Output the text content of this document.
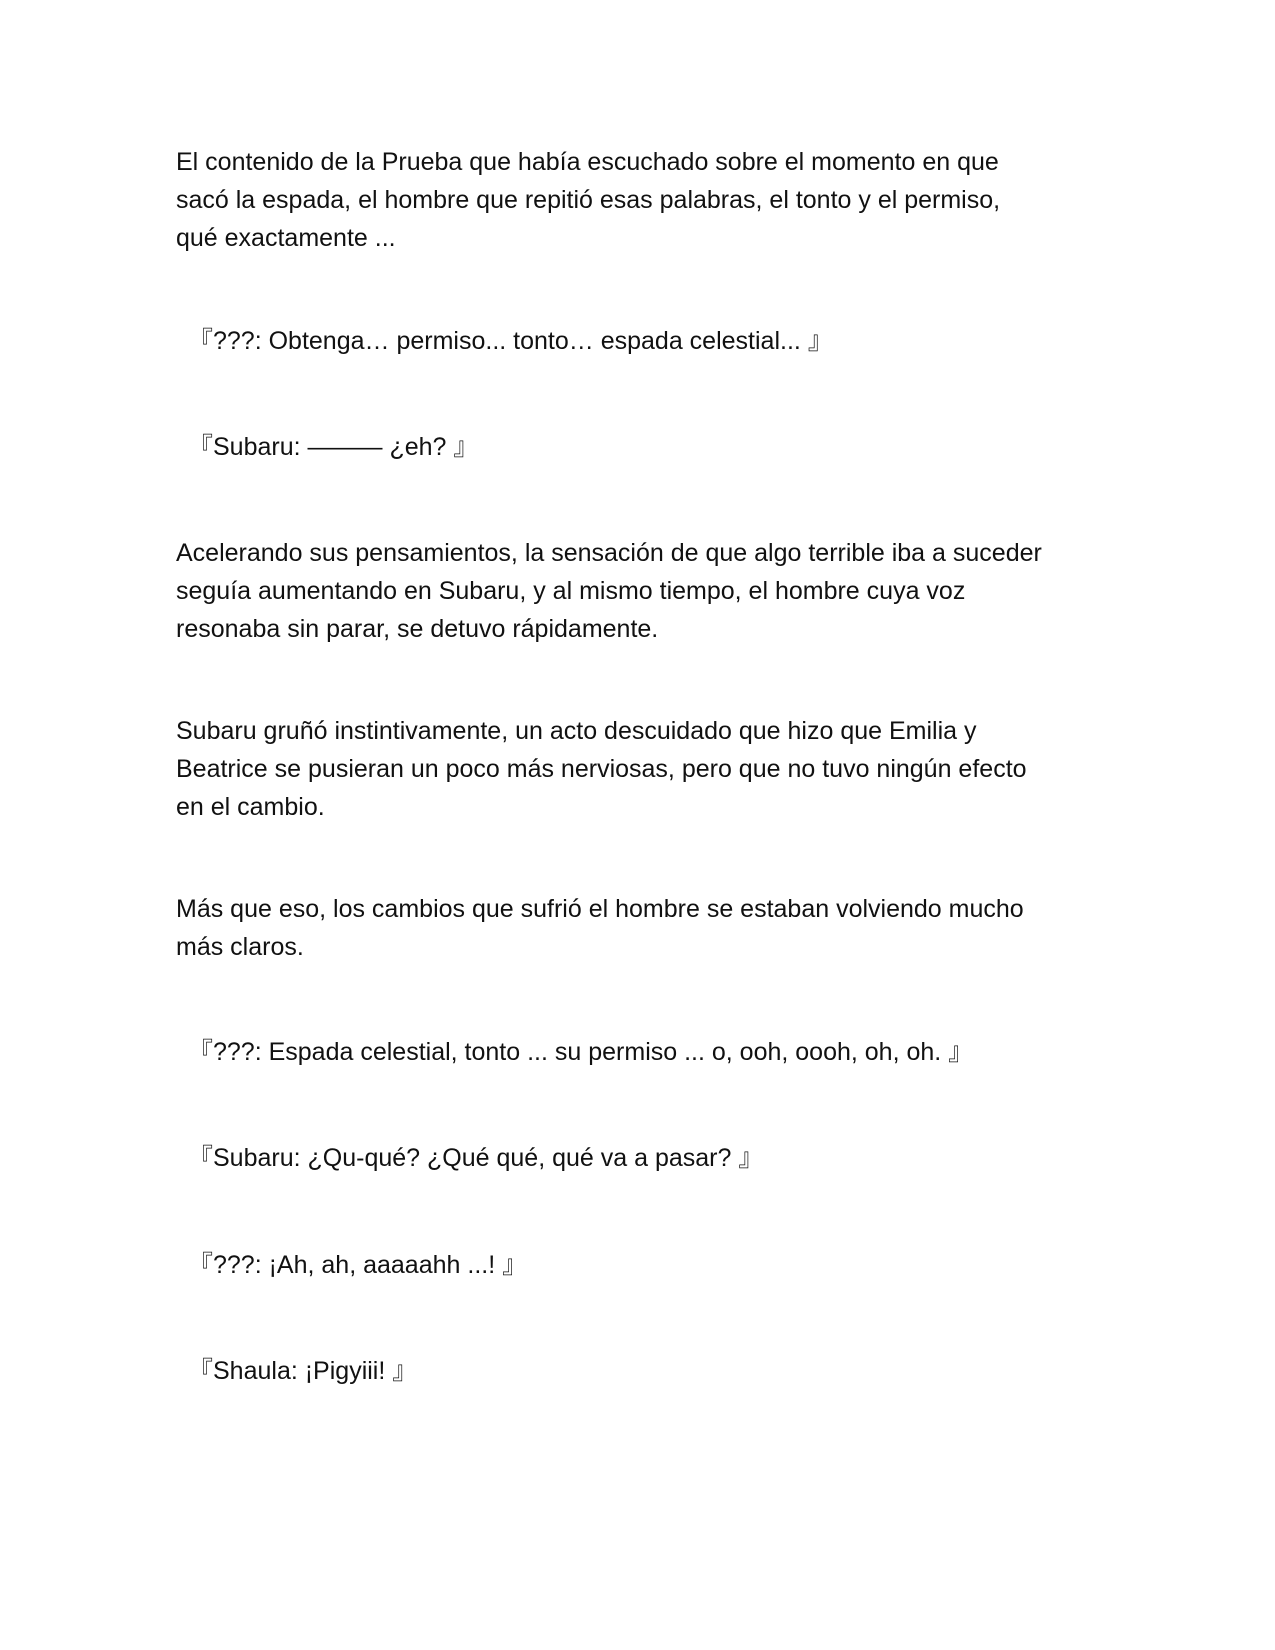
El contenido de la Prueba que había escuchado sobre el momento en que
sacó la espada, el hombre que repitió esas palabras, el tonto y el permiso,
qué exactamente ...

『???: Obtenga… permiso... tonto… espada celestial... 』

『Subaru: ——— ¿eh? 』

Acelerando sus pensamientos, la sensación de que algo terrible iba a suceder
seguía aumentando en Subaru, y al mismo tiempo, el hombre cuya voz
resonaba sin parar, se detuvo rápidamente.

Subaru gruñó instintivamente, un acto descuidado que hizo que Emilia y
Beatrice se pusieran un poco más nerviosas, pero que no tuvo ningún efecto
en el cambio.

Más que eso, los cambios que sufrió el hombre se estaban volviendo mucho
más claros.

『???: Espada celestial, tonto ... su permiso ... o, ooh, oooh, oh, oh. 』

『Subaru: ¿Qu-qué? ¿Qué qué, qué va a pasar? 』

『???: ¡Ah, ah, aaaaahh ...! 』

『Shaula: ¡Pigyiii! 』
